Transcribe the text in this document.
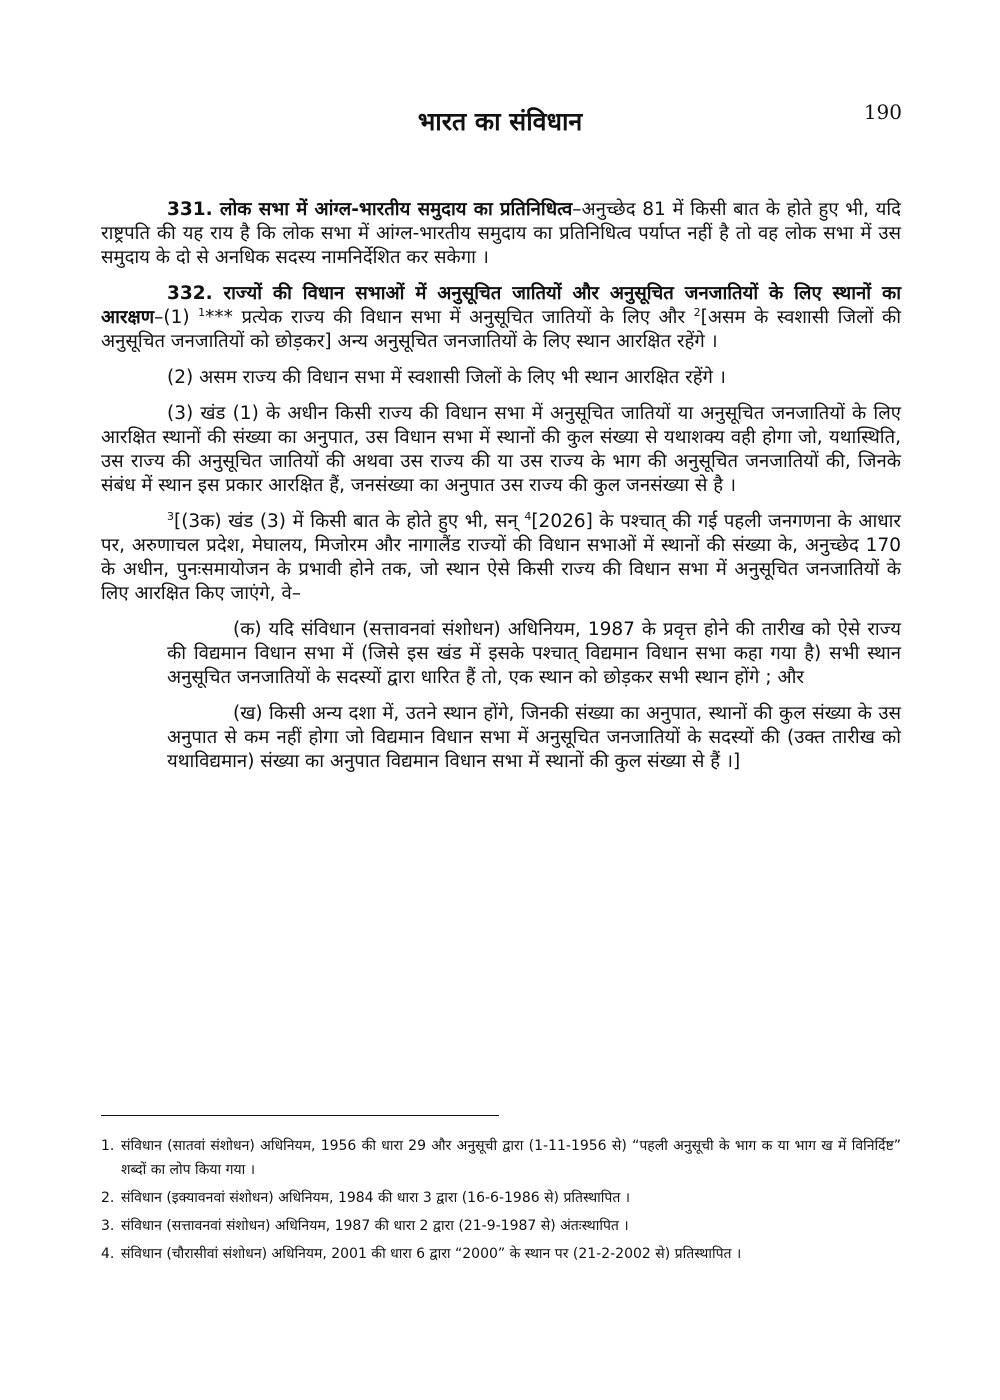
भारत का संविधान	190

331. लोक सभा में आंग्ल-भारतीय समुदाय का प्रतिनिधित्व–अनुच्छेद 81 में किसी बात के होते हुए भी, यदि राष्ट्रपति की यह राय है कि लोक सभा में आंग्ल-भारतीय समुदाय का प्रतिनिधित्व पर्याप्त नहीं है तो वह लोक सभा में उस समुदाय के दो से अनधिक सदस्य नामनिर्देशित कर सकेगा ।

332. राज्यों की विधान सभाओं में अनुसूचित जातियों और अनुसूचित जनजातियों के लिए स्थानों का आरक्षण–(1) $^1$*** प्रत्येक राज्य की विधान सभा में अनुसूचित जातियों के लिए और $^2$[असम के स्वशासी जिलों की अनुसूचित जनजातियों को छोड़कर] अन्य अनुसूचित जनजातियों के लिए स्थान आरक्षित रहेंगे ।

(2) असम राज्य की विधान सभा में स्वशासी जिलों के लिए भी स्थान आरक्षित रहेंगे ।

(3) खंड (1) के अधीन किसी राज्य की विधान सभा में अनुसूचित जातियों या अनुसूचित जनजातियों के लिए आरक्षित स्थानों की संख्या का अनुपात, उस विधान सभा में स्थानों की कुल संख्या से यथाशक्य वही होगा जो, यथास्थिति, उस राज्य की अनुसूचित जातियों की अथवा उस राज्य की या उस राज्य के भाग की अनुसूचित जनजातियों की, जिनके संबंध में स्थान इस प्रकार आरक्षित हैं, जनसंख्या का अनुपात उस राज्य की कुल जनसंख्या से है ।

$^3$[(3क) खंड (3) में किसी बात के होते हुए भी, सन् $^4$[2026] के पश्चात् की गई पहली जनगणना के आधार पर, अरुणाचल प्रदेश, मेघालय, मिजोरम और नागालैंड राज्यों की विधान सभाओं में स्थानों की संख्या के, अनुच्छेद 170 के अधीन, पुनःसमायोजन के प्रभावी होने तक, जो स्थान ऐसे किसी राज्य की विधान सभा में अनुसूचित जनजातियों के लिए आरक्षित किए जाएंगे, वे–

(क) यदि संविधान (सत्तावनवां संशोधन) अधिनियम, 1987 के प्रवृत्त होने की तारीख को ऐसे राज्य की विद्यमान विधान सभा में (जिसे इस खंड में इसके पश्चात् विद्यमान विधान सभा कहा गया है) सभी स्थान अनुसूचित जनजातियों के सदस्यों द्वारा धारित हैं तो, एक स्थान को छोड़कर सभी स्थान होंगे ; और

(ख) किसी अन्य दशा में, उतने स्थान होंगे, जिनकी संख्या का अनुपात, स्थानों की कुल संख्या के उस अनुपात से कम नहीं होगा जो विद्यमान विधान सभा में अनुसूचित जनजातियों के सदस्यों की (उक्त तारीख को यथाविद्यमान) संख्या का अनुपात विद्यमान विधान सभा में स्थानों की कुल संख्या से हैं ।]

1. संविधान (सातवां संशोधन) अधिनियम, 1956 की धारा 29 और अनुसूची द्वारा (1-11-1956 से) “पहली अनुसूची के भाग क या भाग ख में विनिर्दिष्ट” शब्दों का लोप किया गया ।

2. संविधान (इक्यावनवां संशोधन) अधिनियम, 1984 की धारा 3 द्वारा (16-6-1986 से) प्रतिस्थापित ।

3. संविधान (सत्तावनवां संशोधन) अधिनियम, 1987 की धारा 2 द्वारा (21-9-1987 से) अंतःस्थापित ।

4. संविधान (चौरासीवां संशोधन) अधिनियम, 2001 की धारा 6 द्वारा “2000” के स्थान पर (21-2-2002 से) प्रतिस्थापित ।
